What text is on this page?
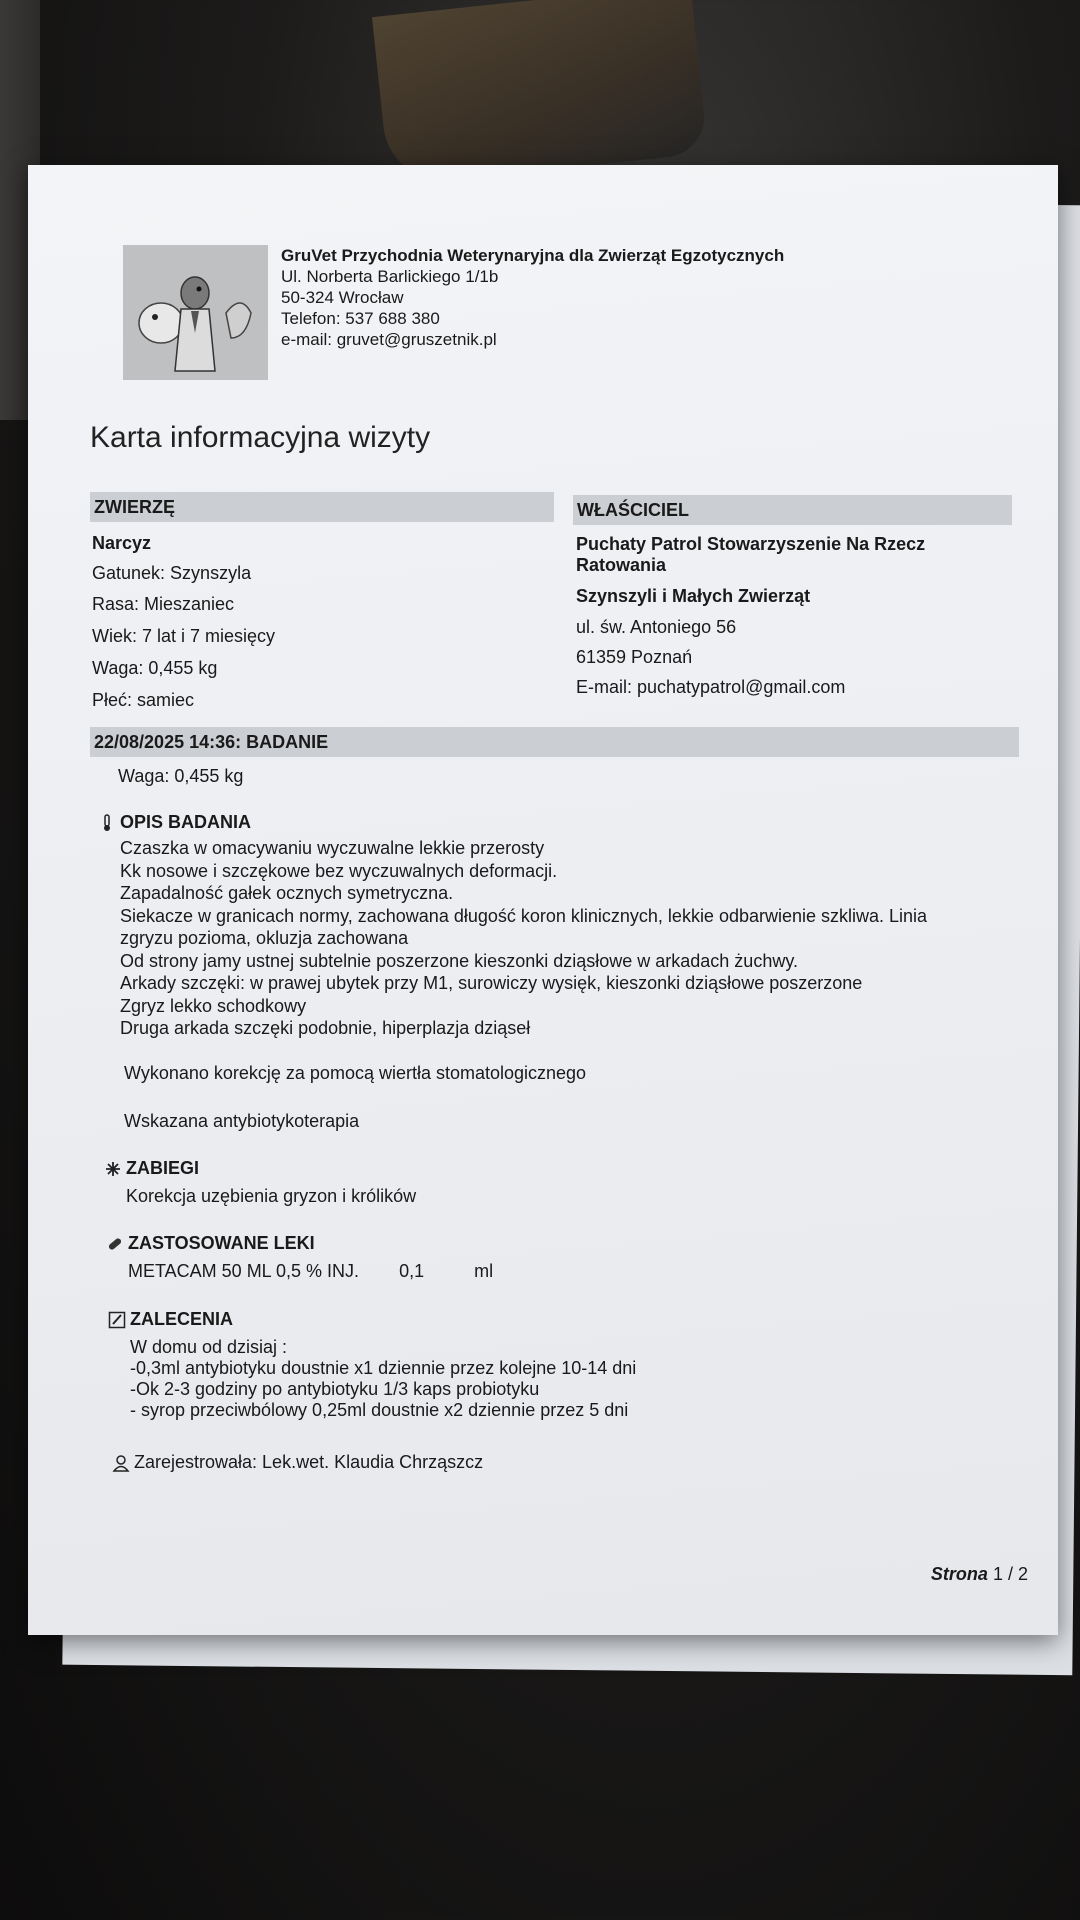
GruVet Przychodnia Weterynaryjna dla Zwierząt Egzotycznych
Ul. Norberta Barlickiego 1/1b
50-324 Wrocław
Telefon: 537 688 380
e-mail: gruvet@gruszetnik.pl
Karta informacyjna wizyty
ZWIERZĘ
Narcyz
Gatunek: Szynszyla
Rasa: Mieszaniec
Wiek: 7 lat i 7 miesięcy
Waga: 0,455 kg
Płeć: samiec
WŁAŚCICIEL
Puchaty Patrol Stowarzyszenie Na Rzecz
Ratowania
Szynszyli i Małych Zwierząt
ul. św. Antoniego 56
61359 Poznań
E-mail: puchatypatrol@gmail.com
22/08/2025 14:36: BADANIE
Waga: 0,455 kg
OPIS BADANIA
Czaszka w omacywaniu wyczuwalne lekkie przerosty
Kk nosowe i szczękowe bez wyczuwalnych deformacji.
Zapadalność gałek ocznych symetryczna.
Siekacze w granicach normy, zachowana długość koron klinicznych, lekkie odbarwienie szkliwa. Linia
zgryzu pozioma, okluzja zachowana
Od strony jamy ustnej subtelnie poszerzone kieszonki dziąsłowe w arkadach żuchwy.
Arkady szczęki: w prawej ubytek przy M1, surowiczy wysięk, kieszonki dziąsłowe poszerzone
Zgryz lekko schodkowy
Druga arkada szczęki podobnie, hiperplazja dziąseł
Wykonano korekcję za pomocą wiertła stomatologicznego
Wskazana antybiotykoterapia
ZABIEGI
Korekcja uzębienia gryzon i królików
ZASTOSOWANE LEKI
METACAM 50 ML 0,5 % INJ. 0,1	ml
ZALECENIA
W domu od dzisiaj :
-0,3ml antybiotyku doustnie x1 dziennie przez kolejne 10-14 dni
-Ok 2-3 godziny po antybiotyku 1/3 kaps probiotyku
- syrop przeciwbólowy 0,25ml doustnie x2 dziennie przez 5 dni
Zarejestrowała: Lek.wet. Klaudia Chrząszcz
Strona 1 / 2
